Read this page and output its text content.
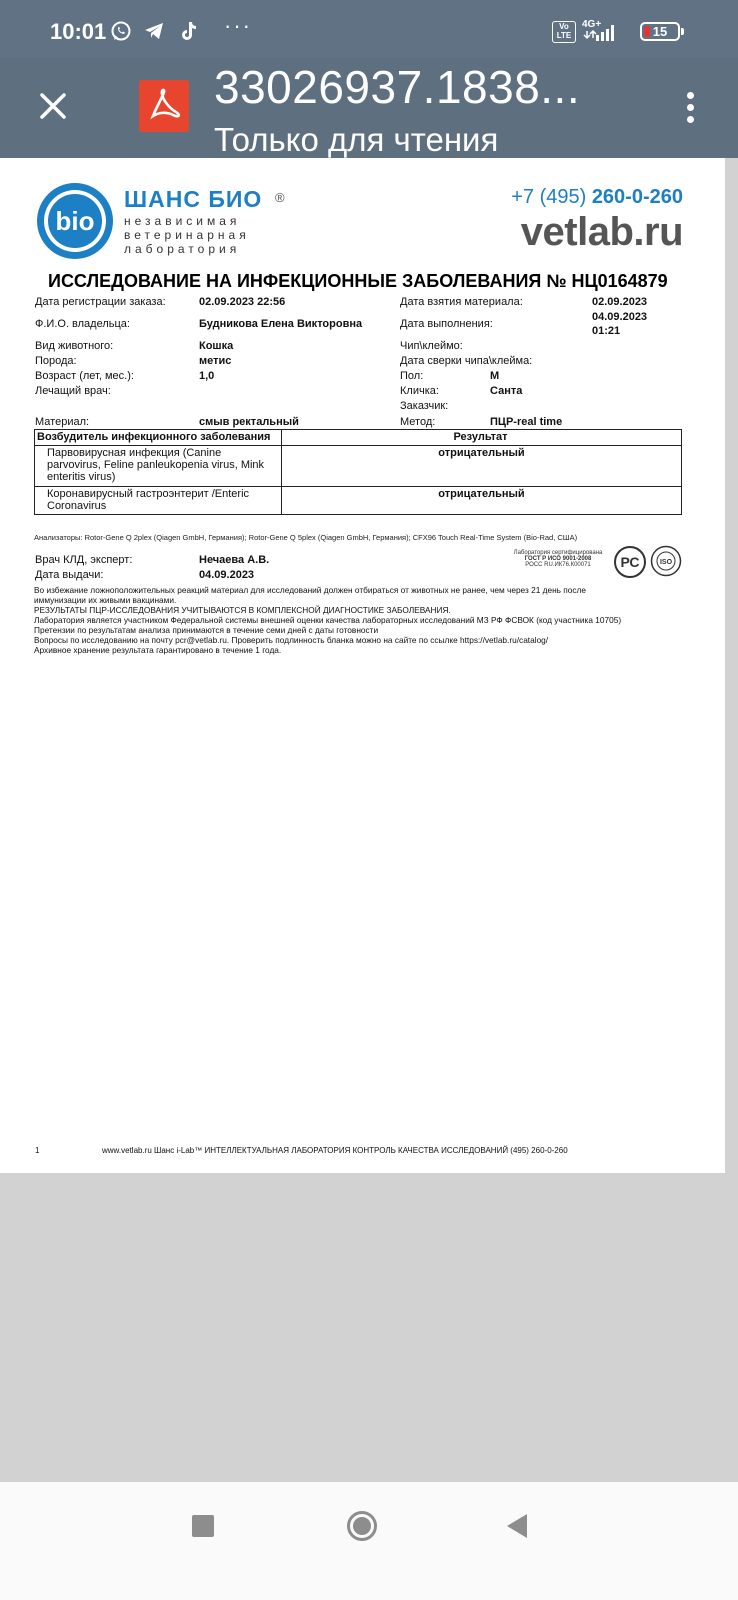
10:01	···	Vo LTE
4G+	15
33026937.1838...
Только для чтения
bio
ШАНС БИО ®
независимая
ветеринарная
лаборатория
+7 (495) 260-0-260
vetlab.ru
ИССЛЕДОВАНИЕ НА ИНФЕКЦИОННЫЕ ЗАБОЛЕВАНИЯ № НЦ0164879
Дата регистрации заказа:	02.09.2023 22:56
Ф.И.О. владельца:	Будникова Елена Викторовна
Вид животного:	Кошка
Порода:	метис
Возраст (лет, мес.):	1,0
Лечащий врач:
Материал:	смыв ректальный
Дата взятия материала:	02.09.2023
Дата выполнения:
04.09.2023
01:21
Чип\клеймо:
Дата сверки чипа\клейма:
Пол:	М
Кличка:	Санта
Заказчик:
Метод:	ПЦР-real time
Возбудитель инфекционного заболевания	Результат
Парвовирусная инфекция (Canine parvovirus, Feline panleukopenia virus, Mink enteritis virus)	отрицательный
Коронавирусный гастроэнтерит /Enteric Coronavirus	отрицательный
Анализаторы: Rotor-Gene Q 2plex (Qiagen GmbH, Германия); Rotor-Gene Q 5plex (Qiagen GmbH, Германия); CFX96 Touch Real-Time System (Bio-Rad, США)
Врач КЛД, эксперт:	Нечаева А.В.
Дата выдачи:	04.09.2023
Лаборатория сертифицирована
ГОСТ Р ИСО 9001-2008
РОСС RU.ИК76.К00071	РС	ISO
Во избежание ложноположительных реакций материал для исследований должен отбираться от животных не ранее, чем через 21 день после
иммунизации их живыми вакцинами.
РЕЗУЛЬТАТЫ ПЦР-ИССЛЕДОВАНИЯ УЧИТЫВАЮТСЯ В КОМПЛЕКСНОЙ ДИАГНОСТИКЕ ЗАБОЛЕВАНИЯ.
Лаборатория является участником Федеральной системы внешней оценки качества лабораторных исследований МЗ РФ ФСВОК (код участника 10705)
Претензии по результатам анализа принимаются в течение семи дней с даты готовности
Вопросы по исследованию на почту pcr@vetlab.ru. Проверить подлинность бланка можно на сайте по ссылке https://vetlab.ru/catalog/
Архивное хранение результата гарантировано в течение 1 года.
1	www.vetlab.ru Шанс i-Lab™ ИНТЕЛЛЕКТУАЛЬНАЯ ЛАБОРАТОРИЯ КОНТРОЛЬ КАЧЕСТВА ИССЛЕДОВАНИЙ (495) 260-0-260
